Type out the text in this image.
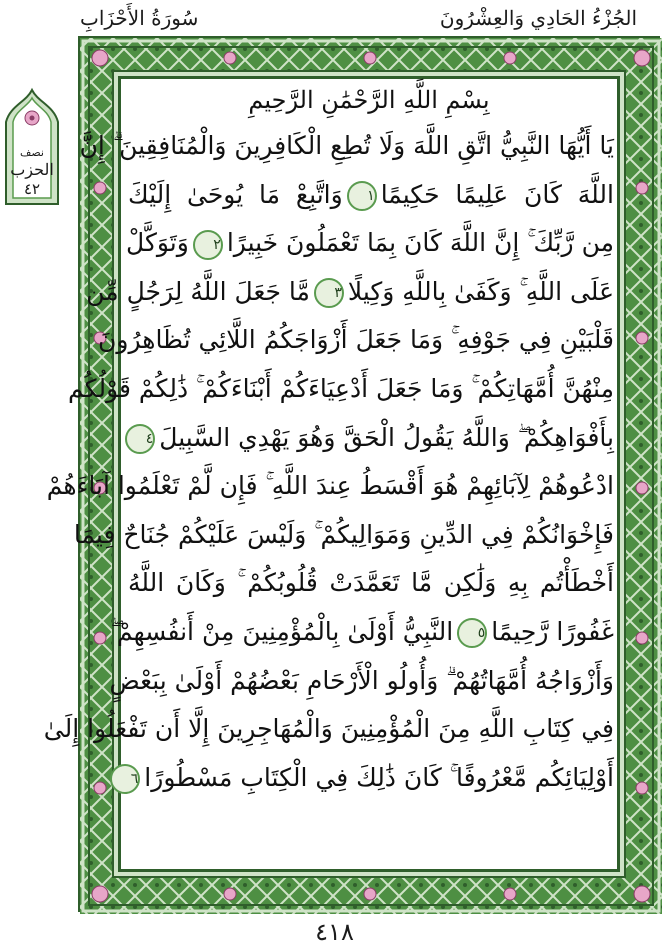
سُورَةُ الأَحْزَابِ	الجُزْءُ الحَادِي وَالعِشْرُونَ
نصف
الحزب
٤٢
بِسْمِ اللَّهِ الرَّحْمَٰنِ الرَّحِيمِ
يَا أَيُّهَا النَّبِيُّ اتَّقِ اللَّهَ وَلَا تُطِعِ الْكَافِرِينَ وَالْمُنَافِقِينَ ۗ إِنَّ
اللَّهَ كَانَ عَلِيمًا حَكِيمًا١وَاتَّبِعْ مَا يُوحَىٰ إِلَيْكَ
مِن رَّبِّكَ ۚ إِنَّ اللَّهَ كَانَ بِمَا تَعْمَلُونَ خَبِيرًا٢وَتَوَكَّلْ
عَلَى اللَّهِ ۚ وَكَفَىٰ بِاللَّهِ وَكِيلًا٣مَّا جَعَلَ اللَّهُ لِرَجُلٍ مِّن
قَلْبَيْنِ فِي جَوْفِهِ ۚ وَمَا جَعَلَ أَزْوَاجَكُمُ اللَّائِي تُظَاهِرُونَ
مِنْهُنَّ أُمَّهَاتِكُمْ ۚ وَمَا جَعَلَ أَدْعِيَاءَكُمْ أَبْنَاءَكُمْ ۚ ذَٰلِكُمْ قَوْلُكُم
بِأَفْوَاهِكُمْ ۖ وَاللَّهُ يَقُولُ الْحَقَّ وَهُوَ يَهْدِي السَّبِيلَ٤
ادْعُوهُمْ لِآبَائِهِمْ هُوَ أَقْسَطُ عِندَ اللَّهِ ۚ فَإِن لَّمْ تَعْلَمُوا آبَاءَهُمْ
فَإِخْوَانُكُمْ فِي الدِّينِ وَمَوَالِيكُمْ ۚ وَلَيْسَ عَلَيْكُمْ جُنَاحٌ فِيمَا
أَخْطَأْتُم بِهِ وَلَٰكِن مَّا تَعَمَّدَتْ قُلُوبُكُمْ ۚ وَكَانَ اللَّهُ
غَفُورًا رَّحِيمًا٥النَّبِيُّ أَوْلَىٰ بِالْمُؤْمِنِينَ مِنْ أَنفُسِهِمْ ۖ
وَأَزْوَاجُهُ أُمَّهَاتُهُمْ ۗ وَأُولُو الْأَرْحَامِ بَعْضُهُمْ أَوْلَىٰ بِبَعْضٍ
فِي كِتَابِ اللَّهِ مِنَ الْمُؤْمِنِينَ وَالْمُهَاجِرِينَ إِلَّا أَن تَفْعَلُوا إِلَىٰ
أَوْلِيَائِكُم مَّعْرُوفًا ۚ كَانَ ذَٰلِكَ فِي الْكِتَابِ مَسْطُورًا٦
٤١٨
